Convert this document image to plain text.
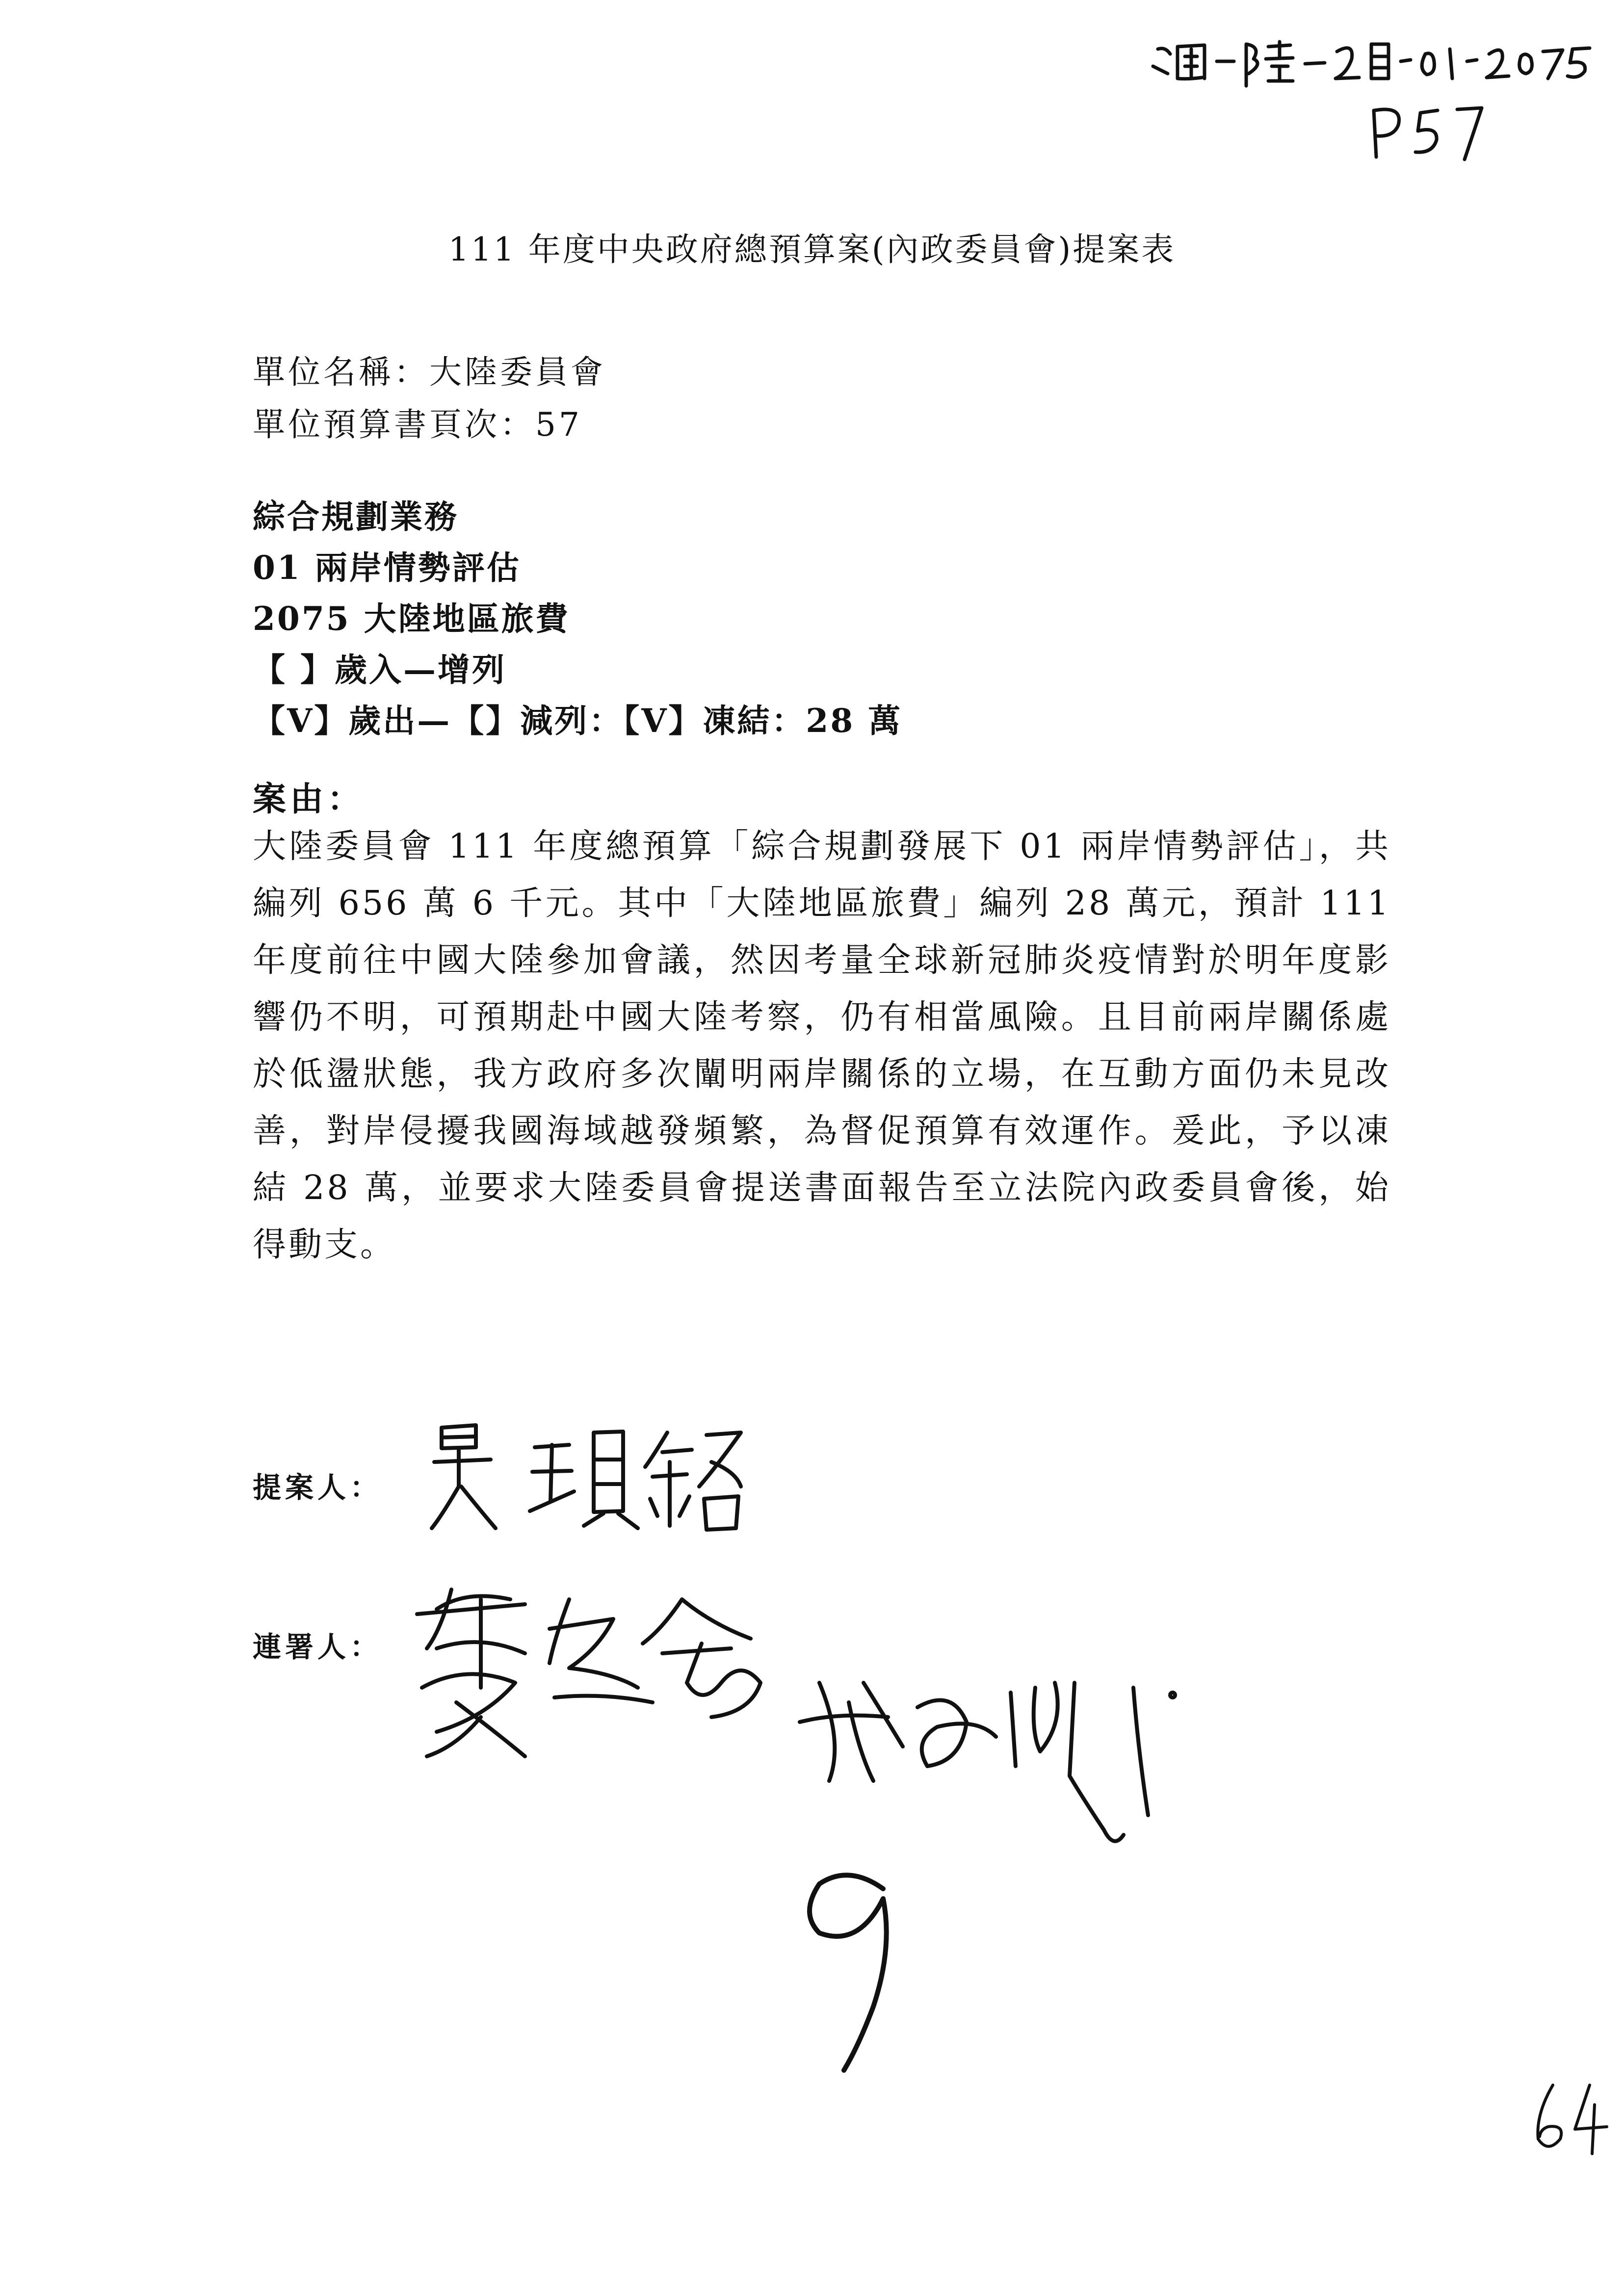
111 年度中央政府總預算案(內政委員會)提案表
單位名稱：大陸委員會
單位預算書頁次：57
綜合規劃業務
01 兩岸情勢評估
2075 大陸地區旅費
【 】歲入—增列
【V】歲出—【】減列：【V】凍結：28 萬
案由：
大陸委員會 111 年度總預算「綜合規劃發展下 01 兩岸情勢評估」，共編列 656 萬 6 千元。其中「大陸地區旅費」編列 28 萬元，預計 111 年度前往中國大陸參加會議，然因考量全球新冠肺炎疫情對於明年度影響仍不明，可預期赴中國大陸考察，仍有相當風險。且目前兩岸關係處於低盪狀態，我方政府多次闡明兩岸關係的立場，在互動方面仍未見改善，對岸侵擾我國海域越發頻繁，為督促預算有效運作。爰此，予以凍結 28 萬，並要求大陸委員會提送書面報告至立法院內政委員會後，始得動支。
提案人：
連署人：
